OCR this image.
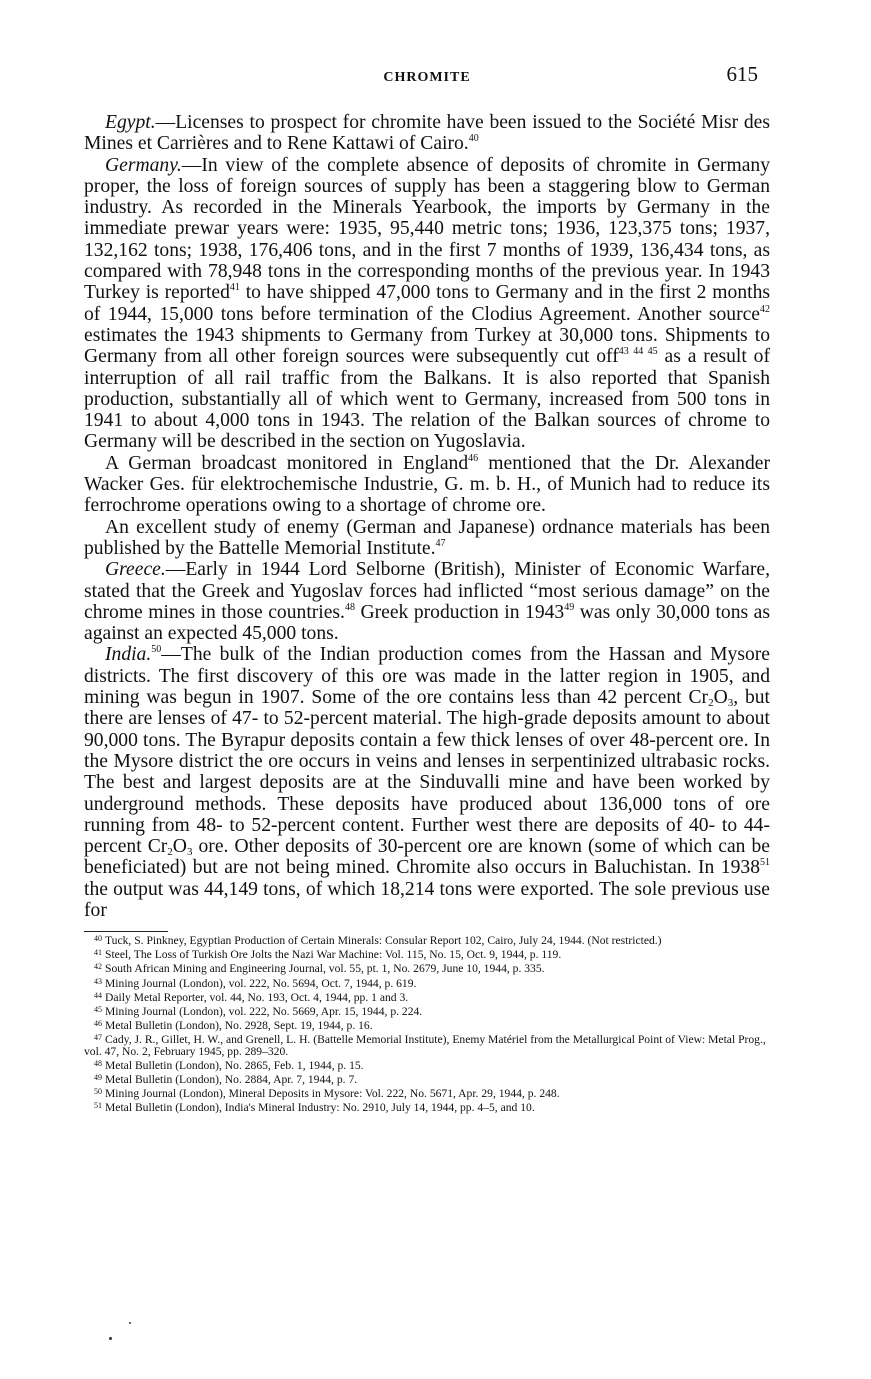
CHROMITE	615

Egypt.—Licenses to prospect for chromite have been issued to the Société Misr des Mines et Carrières and to Rene Kattawi of Cairo.$^{40}$

Germany.—In view of the complete absence of deposits of chromite in Germany proper, the loss of foreign sources of supply has been a staggering blow to German industry. As recorded in the Minerals Yearbook, the imports by Germany in the immediate prewar years were: 1935, 95,440 metric tons; 1936, 123,375 tons; 1937, 132,162 tons; 1938, 176,406 tons, and in the first 7 months of 1939, 136,434 tons, as compared with 78,948 tons in the corresponding months of the previous year. In 1943 Turkey is reported$^{41}$ to have shipped 47,000 tons to Germany and in the first 2 months of 1944, 15,000 tons before termination of the Clodius Agreement. Another source$^{42}$ estimates the 1943 shipments to Germany from Turkey at 30,000 tons. Shipments to Germany from all other foreign sources were subsequently cut off$^{43 44 45}$ as a result of interruption of all rail traffic from the Balkans. It is also reported that Spanish production, substantially all of which went to Germany, increased from 500 tons in 1941 to about 4,000 tons in 1943. The relation of the Balkan sources of chrome to Germany will be described in the section on Yugoslavia.

A German broadcast monitored in England$^{46}$ mentioned that the Dr. Alexander Wacker Ges. für elektrochemische Industrie, G. m. b. H., of Munich had to reduce its ferrochrome operations owing to a shortage of chrome ore.

An excellent study of enemy (German and Japanese) ordnance materials has been published by the Battelle Memorial Institute.$^{47}$

Greece.—Early in 1944 Lord Selborne (British), Minister of Economic Warfare, stated that the Greek and Yugoslav forces had inflicted “most serious damage” on the chrome mines in those countries.$^{48}$ Greek production in 1943$^{49}$ was only 30,000 tons as against an expected 45,000 tons.

India.$^{50}$—The bulk of the Indian production comes from the Hassan and Mysore districts. The first discovery of this ore was made in the latter region in 1905, and mining was begun in 1907. Some of the ore contains less than 42 percent $Cr_2O_3$, but there are lenses of 47- to 52-percent material. The high-grade deposits amount to about 90,000 tons. The Byrapur deposits contain a few thick lenses of over 48-percent ore. In the Mysore district the ore occurs in veins and lenses in serpentinized ultrabasic rocks. The best and largest deposits are at the Sinduvalli mine and have been worked by underground methods. These deposits have produced about 136,000 tons of ore running from 48- to 52-percent content. Further west there are deposits of 40- to 44-percent $Cr_2O_3$ ore. Other deposits of 30-percent ore are known (some of which can be beneficiated) but are not being mined. Chromite also occurs in Baluchistan. In 1938$^{51}$ the output was 44,149 tons, of which 18,214 tons were exported. The sole previous use for

$^{40}$ Tuck, S. Pinkney, Egyptian Production of Certain Minerals: Consular Report 102, Cairo, July 24, 1944. (Not restricted.)
$^{41}$ Steel, The Loss of Turkish Ore Jolts the Nazi War Machine: Vol. 115, No. 15, Oct. 9, 1944, p. 119.
$^{42}$ South African Mining and Engineering Journal, vol. 55, pt. 1, No. 2679, June 10, 1944, p. 335.
$^{43}$ Mining Journal (London), vol. 222, No. 5694, Oct. 7, 1944, p. 619.
$^{44}$ Daily Metal Reporter, vol. 44, No. 193, Oct. 4, 1944, pp. 1 and 3.
$^{45}$ Mining Journal (London), vol. 222, No. 5669, Apr. 15, 1944, p. 224.
$^{46}$ Metal Bulletin (London), No. 2928, Sept. 19, 1944, p. 16.
$^{47}$ Cady, J. R., Gillet, H. W., and Grenell, L. H. (Battelle Memorial Institute), Enemy Matériel from the Metallurgical Point of View: Metal Prog., vol. 47, No. 2, February 1945, pp. 289–320.
$^{48}$ Metal Bulletin (London), No. 2865, Feb. 1, 1944, p. 15.
$^{49}$ Metal Bulletin (London), No. 2884, Apr. 7, 1944, p. 7.
$^{50}$ Mining Journal (London), Mineral Deposits in Mysore: Vol. 222, No. 5671, Apr. 29, 1944, p. 248.
$^{51}$ Metal Bulletin (London), India's Mineral Industry: No. 2910, July 14, 1944, pp. 4–5, and 10.
